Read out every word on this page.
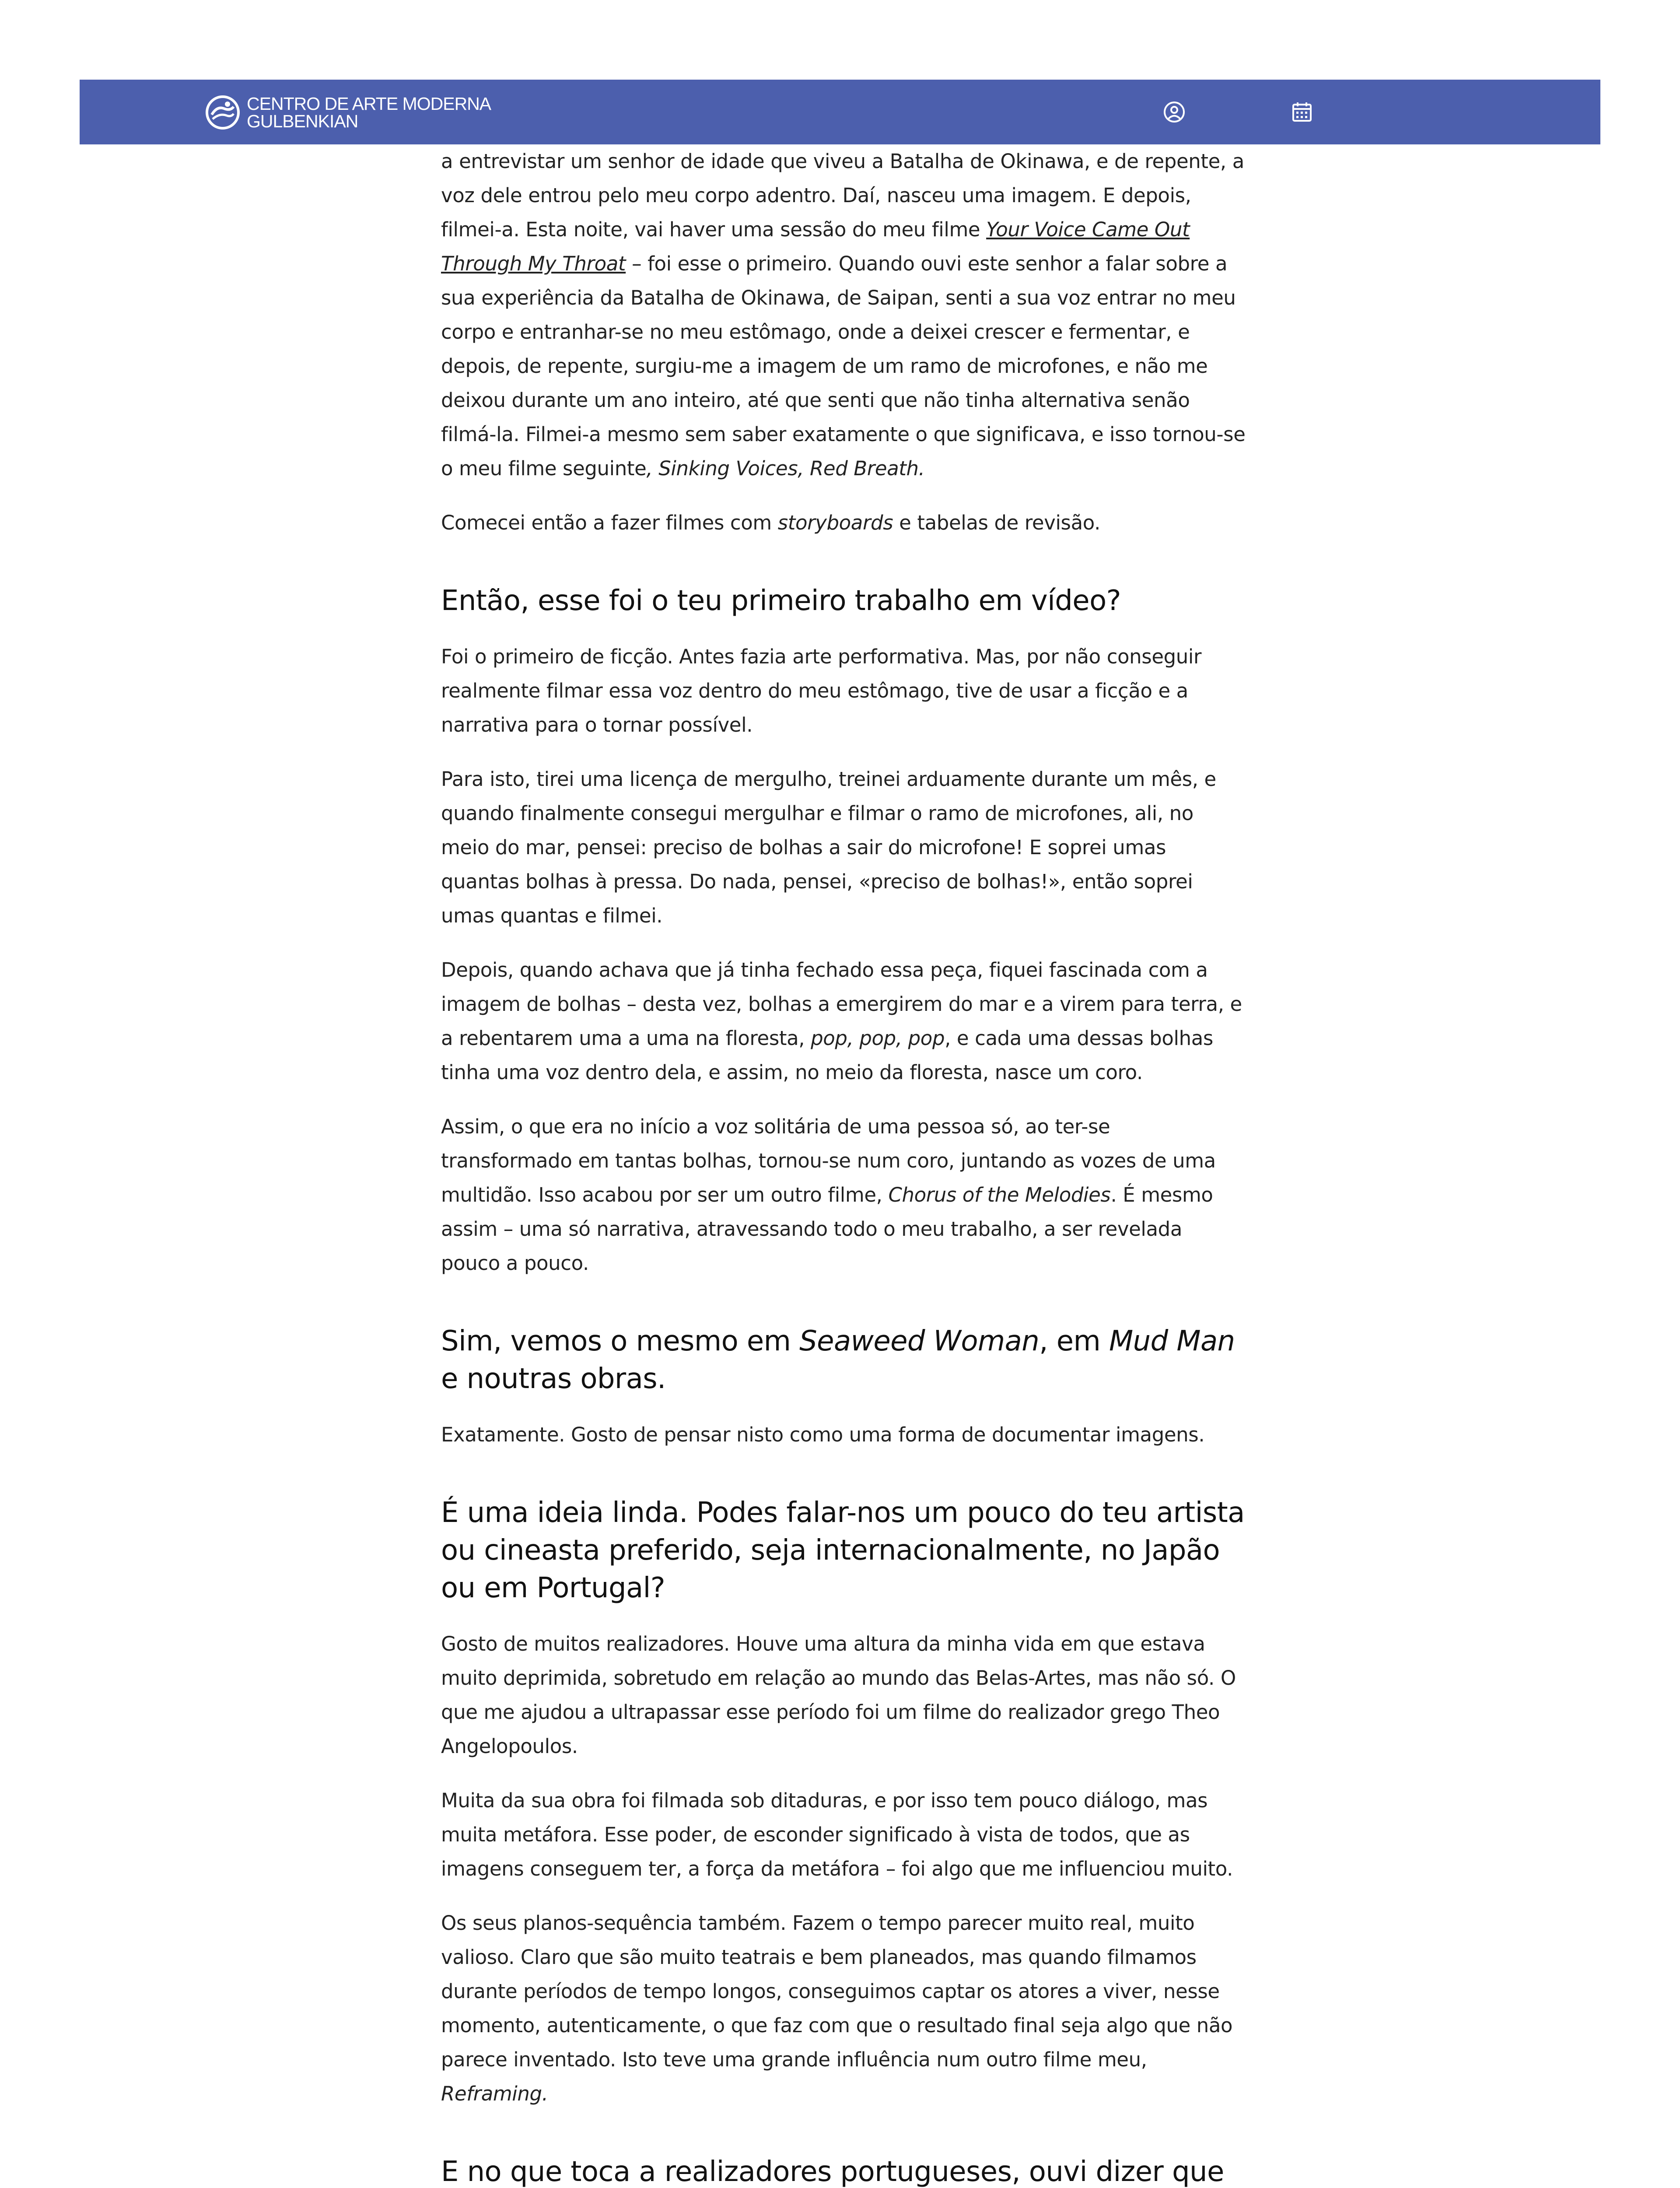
CENTRO DE ARTE MODERNA
GULBENKIAN

a entrevistar um senhor de idade que viveu a Batalha de Okinawa, e de repente, a voz dele entrou pelo meu corpo adentro. Daí, nasceu uma imagem. E depois, filmei-a. Esta noite, vai haver uma sessão do meu filme Your Voice Came Out Through My Throat – foi esse o primeiro. Quando ouvi este senhor a falar sobre a sua experiência da Batalha de Okinawa, de Saipan, senti a sua voz entrar no meu corpo e entranhar-se no meu estômago, onde a deixei crescer e fermentar, e depois, de repente, surgiu-me a imagem de um ramo de microfones, e não me deixou durante um ano inteiro, até que senti que não tinha alternativa senão filmá-la. Filmei-a mesmo sem saber exatamente o que significava, e isso tornou-se o meu filme seguinte, Sinking Voices, Red Breath.

Comecei então a fazer filmes com storyboards e tabelas de revisão.

Então, esse foi o teu primeiro trabalho em vídeo?

Foi o primeiro de ficção. Antes fazia arte performativa. Mas, por não conseguir realmente filmar essa voz dentro do meu estômago, tive de usar a ficção e a narrativa para o tornar possível.

Para isto, tirei uma licença de mergulho, treinei arduamente durante um mês, e quando finalmente consegui mergulhar e filmar o ramo de microfones, ali, no meio do mar, pensei: preciso de bolhas a sair do microfone! E soprei umas quantas bolhas à pressa. Do nada, pensei, «preciso de bolhas!», então soprei umas quantas e filmei.

Depois, quando achava que já tinha fechado essa peça, fiquei fascinada com a imagem de bolhas – desta vez, bolhas a emergirem do mar e a virem para terra, e a rebentarem uma a uma na floresta, pop, pop, pop, e cada uma dessas bolhas tinha uma voz dentro dela, e assim, no meio da floresta, nasce um coro.

Assim, o que era no início a voz solitária de uma pessoa só, ao ter-se transformado em tantas bolhas, tornou-se num coro, juntando as vozes de uma multidão. Isso acabou por ser um outro filme, Chorus of the Melodies. É mesmo assim – uma só narrativa, atravessando todo o meu trabalho, a ser revelada pouco a pouco.

Sim, vemos o mesmo em Seaweed Woman, em Mud Man e noutras obras.

Exatamente. Gosto de pensar nisto como uma forma de documentar imagens.

É uma ideia linda. Podes falar-nos um pouco do teu artista ou cineasta preferido, seja internacionalmente, no Japão ou em Portugal?

Gosto de muitos realizadores. Houve uma altura da minha vida em que estava muito deprimida, sobretudo em relação ao mundo das Belas-Artes, mas não só. O que me ajudou a ultrapassar esse período foi um filme do realizador grego Theo Angelopoulos.

Muita da sua obra foi filmada sob ditaduras, e por isso tem pouco diálogo, mas muita metáfora. Esse poder, de esconder significado à vista de todos, que as imagens conseguem ter, a força da metáfora – foi algo que me influenciou muito.

Os seus planos-sequência também. Fazem o tempo parecer muito real, muito valioso. Claro que são muito teatrais e bem planeados, mas quando filmamos durante períodos de tempo longos, conseguimos captar os atores a viver, nesse momento, autenticamente, o que faz com que o resultado final seja algo que não parece inventado. Isto teve uma grande influência num outro filme meu, Reframing.

E no que toca a realizadores portugueses, ouvi dizer que
